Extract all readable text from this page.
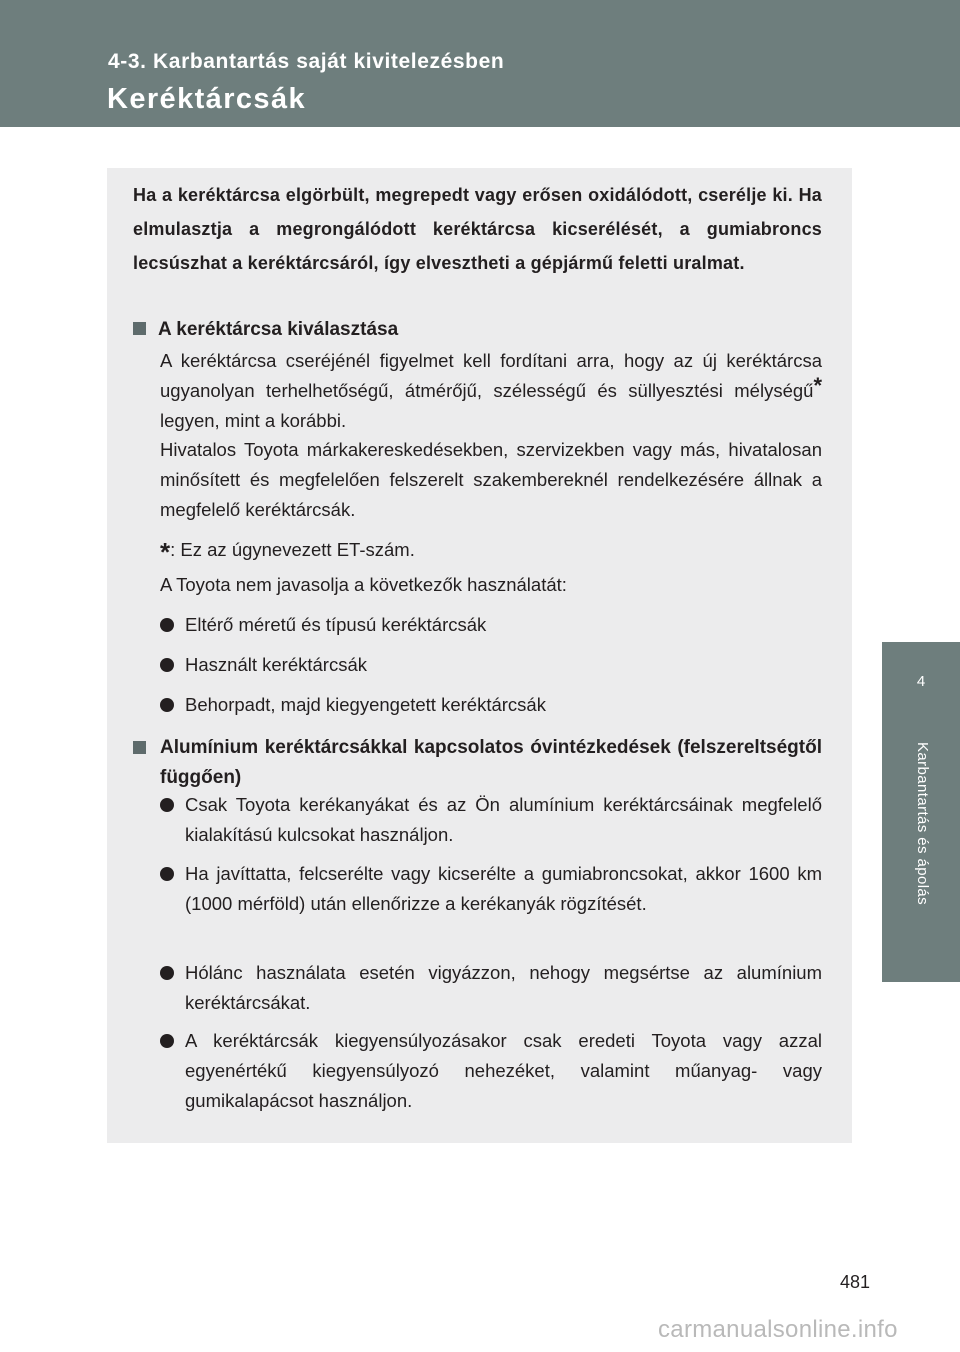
4-3. Karbantartás saját kivitelezésben
Keréktárcsák
4
Karbantartás és ápolás
Ha a keréktárcsa elgörbült, megrepedt vagy erősen oxidálódott, cserélje ki. Ha elmulasztja a megrongálódott keréktárcsa kicserélését, a gumiabroncs lecsúszhat a keréktárcsáról, így elvesztheti a gépjármű feletti uralmat.
A keréktárcsa kiválasztása
A keréktárcsa cseréjénél figyelmet kell fordítani arra, hogy az új keréktárcsa ugyanolyan terhelhetőségű, átmérőjű, szélességű és süllyesztési mélységű* legyen, mint a korábbi.
Hivatalos Toyota márkakereskedésekben, szervizekben vagy más, hivatalosan minősített és megfelelően felszerelt szakembereknél rendelkezésére állnak a megfelelő keréktárcsák.
*: Ez az úgynevezett ET-szám.
A Toyota nem javasolja a következők használatát:
Eltérő méretű és típusú keréktárcsák
Használt keréktárcsák
Behorpadt, majd kiegyengetett keréktárcsák
Alumínium keréktárcsákkal kapcsolatos óvintézkedések (felszereltségtől függően)
Csak Toyota kerékanyákat és az Ön alumínium keréktárcsáinak megfelelő kialakítású kulcsokat használjon.
Ha javíttatta, felcserélte vagy kicserélte a gumiabroncsokat, akkor 1600 km (1000 mérföld) után ellenőrizze a kerékanyák rögzítését.
Hólánc használata esetén vigyázzon, nehogy megsértse az alumínium keréktárcsákat.
A keréktárcsák kiegyensúlyozásakor csak eredeti Toyota vagy azzal egyenértékű kiegyensúlyozó nehezéket, valamint műanyag- vagy gumikalapácsot használjon.
481
carmanualsonline.info
